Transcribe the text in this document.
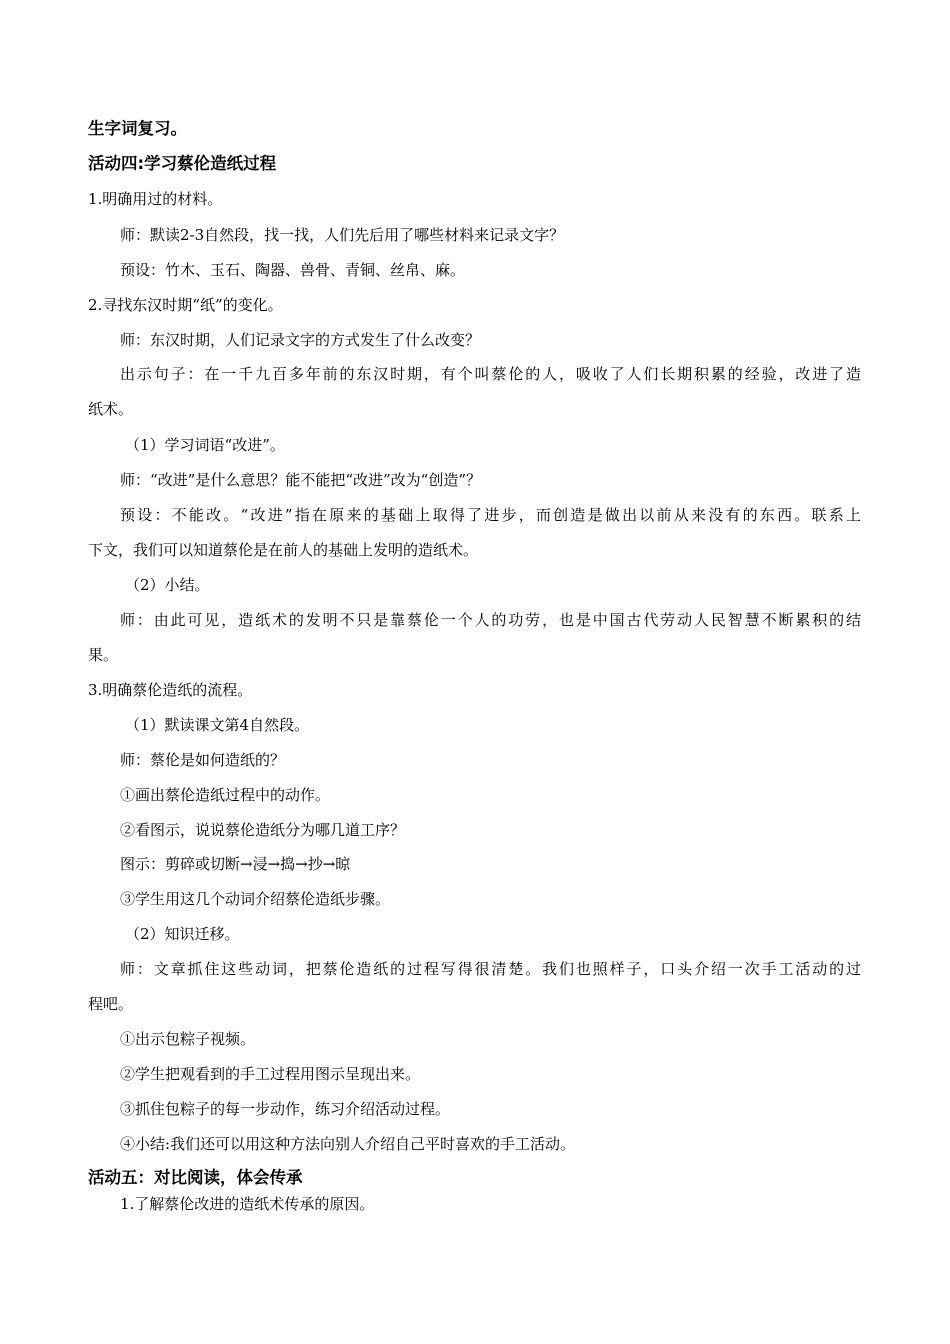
生字词复习。
活动四:学习蔡伦造纸过程
1.明确用过的材料。
师：默读2-3自然段，找一找，人们先后用了哪些材料来记录文字？
预设：竹木、玉石、陶器、兽骨、青铜、丝帛、麻。
2.寻找东汉时期“纸”的变化。
师：东汉时期，人们记录文字的方式发生了什么改变？
出示句子：在一千九百多年前的东汉时期，有个叫蔡伦的人，吸收了人们长期积累的经验，改进了造
纸术。
（1）学习词语“改进”。
师：“改进”是什么意思？能不能把“改进”改为“创造”？
预设：不能改。“改进”指在原来的基础上取得了进步，而创造是做出以前从来没有的东西。联系上
下文，我们可以知道蔡伦是在前人的基础上发明的造纸术。
（2）小结。
师：由此可见，造纸术的发明不只是靠蔡伦一个人的功劳，也是中国古代劳动人民智慧不断累积的结
果。
3.明确蔡伦造纸的流程。
（1）默读课文第4自然段。
师：蔡伦是如何造纸的？
①画出蔡伦造纸过程中的动作。
②看图示，说说蔡伦造纸分为哪几道工序？
图示：剪碎或切断→浸→捣→抄→晾
③学生用这几个动词介绍蔡伦造纸步骤。
（2）知识迁移。
师：文章抓住这些动词，把蔡伦造纸的过程写得很清楚。我们也照样子，口头介绍一次手工活动的过
程吧。
①出示包粽子视频。
②学生把观看到的手工过程用图示呈现出来。
③抓住包粽子的每一步动作，练习介绍活动过程。
④小结:我们还可以用这种方法向别人介绍自己平时喜欢的手工活动。
活动五：对比阅读，体会传承
1.了解蔡伦改进的造纸术传承的原因。
